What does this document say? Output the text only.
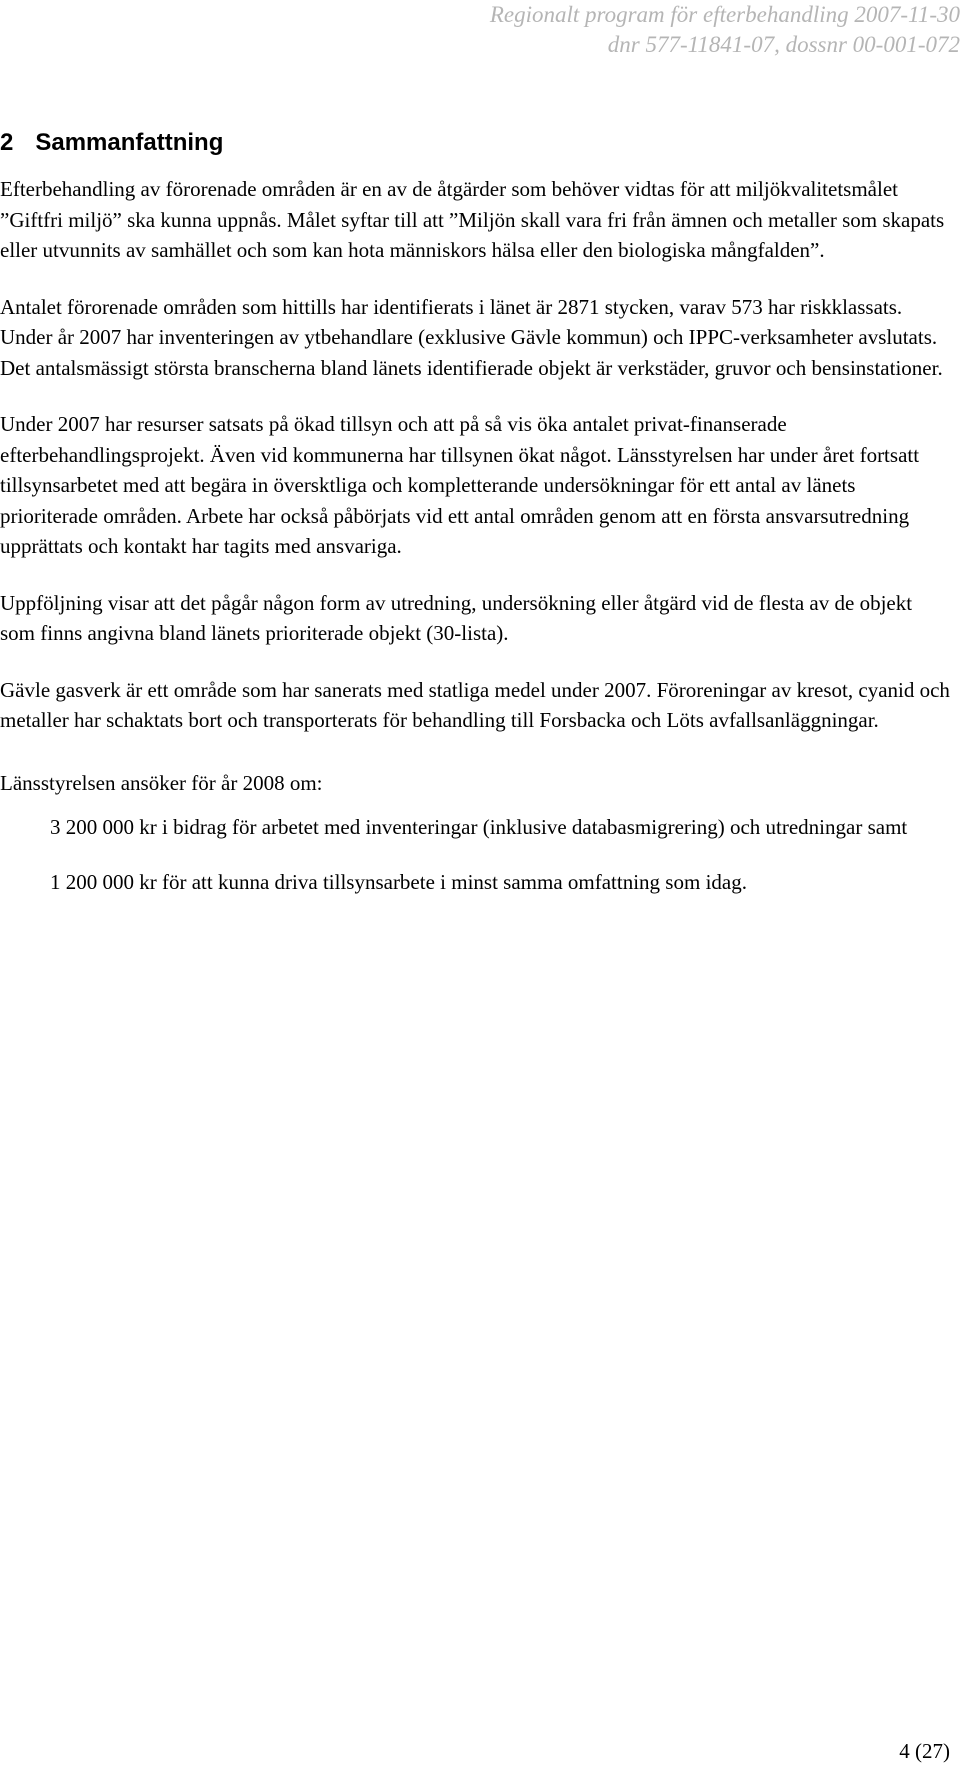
Regionalt program för efterbehandling 2007-11-30
dnr 577-11841-07, dossnr 00-001-072
2 Sammanfattning

Efterbehandling av förorenade områden är en av de åtgärder som behöver vidtas för att miljökvalitetsmålet ”Giftfri miljö” ska kunna uppnås. Målet syftar till att ”Miljön skall vara fri från ämnen och metaller som skapats eller utvunnits av samhället och som kan hota människors hälsa eller den biologiska mångfalden”.

Antalet förorenade områden som hittills har identifierats i länet är 2871 stycken, varav 573 har riskklassats. Under år 2007 har inventeringen av ytbehandlare (exklusive Gävle kommun) och IPPC-verksamheter avslutats. Det antalsmässigt största branscherna bland länets identifierade objekt är verkstäder, gruvor och bensinstationer.

Under 2007 har resurser satsats på ökad tillsyn och att på så vis öka antalet privat-finanserade efterbehandlingsprojekt. Även vid kommunerna har tillsynen ökat något. Länsstyrelsen har under året fortsatt tillsynsarbetet med att begära in översktliga och kompletterande undersökningar för ett antal av länets prioriterade områden. Arbete har också påbörjats vid ett antal områden genom att en första ansvarsutredning upprättats och kontakt har tagits med ansvariga.

Uppföljning visar att det pågår någon form av utredning, undersökning eller åtgärd vid de flesta av de objekt som finns angivna bland länets prioriterade objekt (30-lista).

Gävle gasverk är ett område som har sanerats med statliga medel under 2007. Föroreningar av kresot, cyanid och metaller har schaktats bort och transporterats för behandling till Forsbacka och Löts avfallsanläggningar.

Länsstyrelsen ansöker för år 2008 om:

3 200 000 kr i bidrag för arbetet med inventeringar (inklusive databasmigrering) och utredningar samt

1 200 000 kr för att kunna driva tillsynsarbete i minst samma omfattning som idag.

4 (27)
